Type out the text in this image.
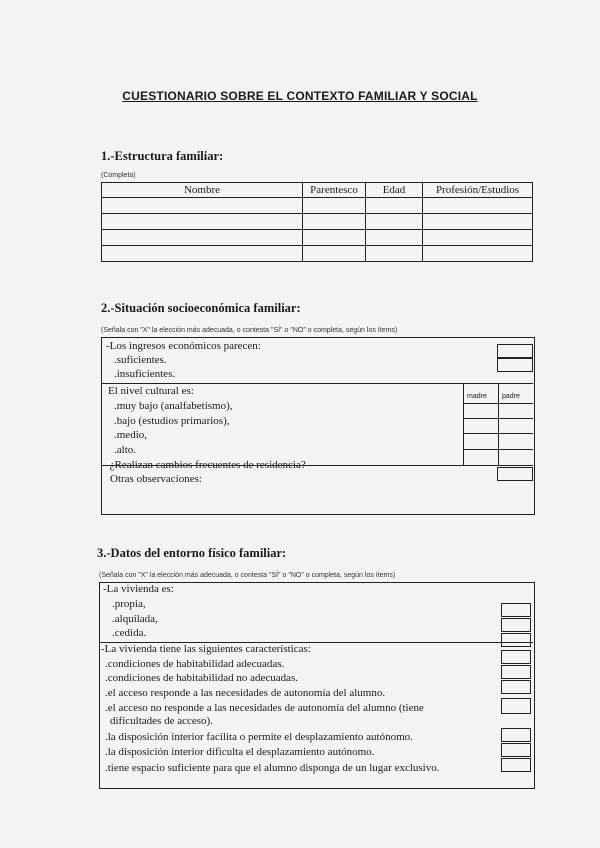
CUESTIONARIO SOBRE EL CONTEXTO FAMILIAR Y SOCIAL
1.-Estructura familiar:
(Completa)
Nombre	Parentesco	Edad	Profesión/Estudios

2.-Situación socioeconómica familiar:
(Señala con "X" la elección más adecuada, o contesta "SÍ" o "NO" o completa, según los ítems)
-Los ingresos económicos parecen:
.suficientes.
.insuficientes.
El nivel cultural es:	madre padre
.muy bajo (analfabetismo),
.bajo (estudios primarios),
.medio,
.alto.
-¿Realizan cambios frecuentes de residencia?
Otras observaciones:
3.-Datos del entorno físico familiar:
(Señala con "X" la elección más adecuada, o contesta "SÍ" o "NO" o completa, según los ítems)
-La vivienda es:
.propia,
.alquilada,
.cedida.
-La vivienda tiene las siguientes características:
.condiciones de habitabilidad adecuadas.
.condiciones de habitabilidad no adecuadas.
.el acceso responde a las necesidades de autonomía del alumno.
.el acceso no responde a las necesidades de autonomía del alumno (tiene
dificultades de acceso).
.la disposición interior facilita o permite el desplazamiento autónomo.
.la disposición interior dificulta el desplazamiento autónomo.
.tiene espacio suficiente para que el alumno disponga de un lugar exclusivo.
